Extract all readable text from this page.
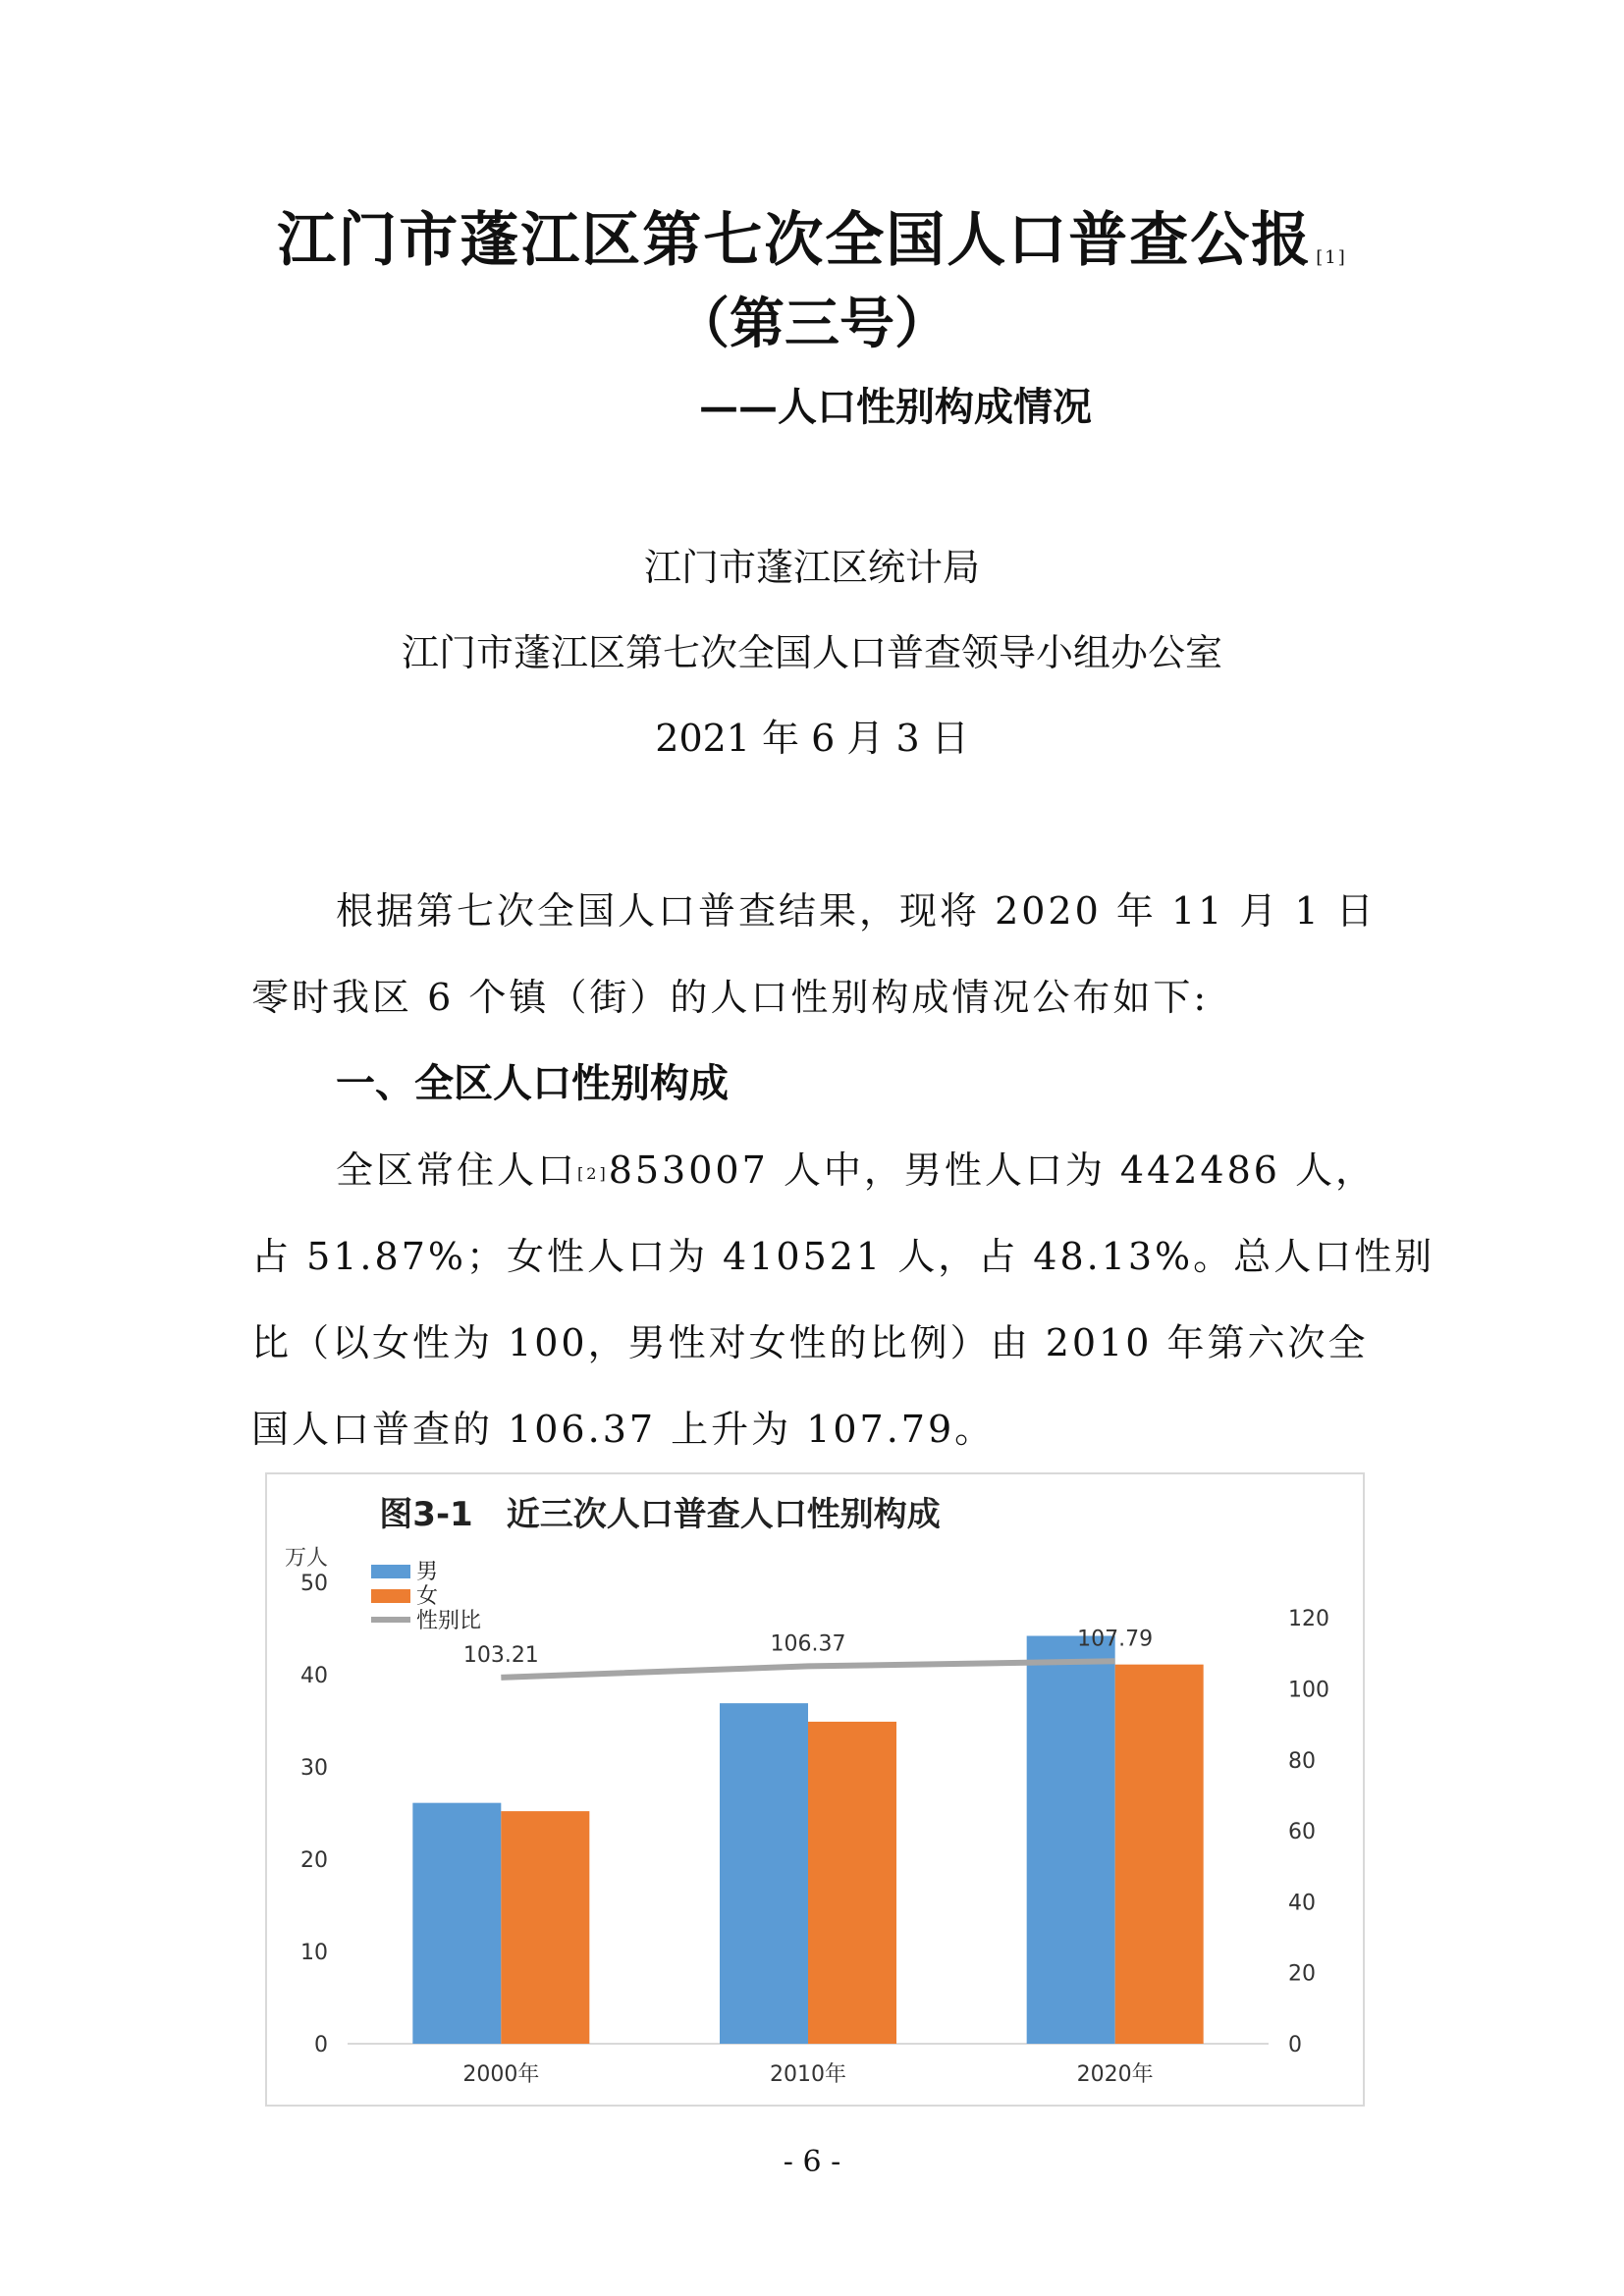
江门市蓬江区第七次全国人口普查公报 [1]
（第三号）
——人口性别构成情况
江门市蓬江区统计局
江门市蓬江区第七次全国人口普查领导小组办公室
2021 年 6 月 3 日
根据第七次全国人口普查结果，现将 2020 年 11 月 1 日
零时我区 6 个镇（街）的人口性别构成情况公布如下:
一、全区人口性别构成
全区常住人口[2]853007 人中，男性人口为 442486 人，
占 51.87%；女性人口为 410521 人，占 48.13%。总人口性别
比（以女性为 100，男性对女性的比例）由 2010 年第六次全
国人口普查的 106.37 上升为 107.79。
图3-1　近三次人口普查人口性别构成
万人
男
女
性别比
0
10
20
30
40
50
0
20
40
60
80
100
120
2000年	2010年	2020年
103.21	106.37	107.79
- 6 -
